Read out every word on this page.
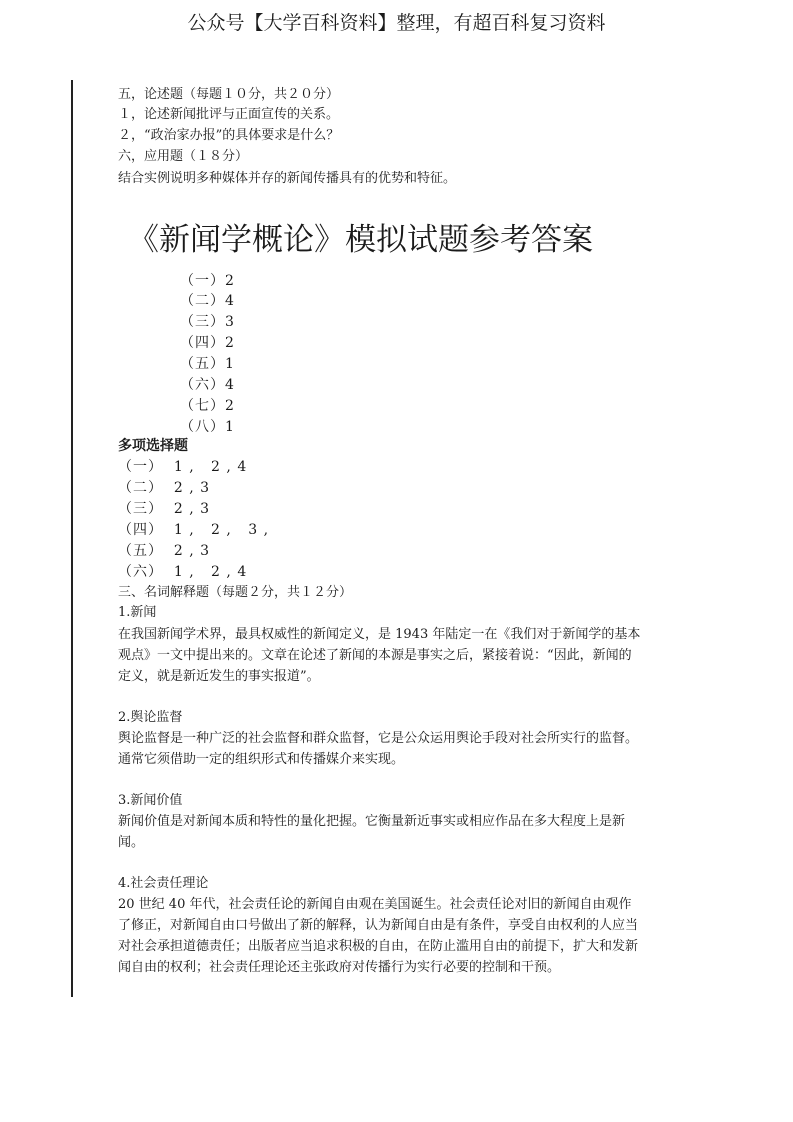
公众号【大学百科资料】整理，有超百科复习资料
五，论述题（每题１０分，共２０分）
１，论述新闻批评与正面宣传的关系。
２，“政治家办报”的具体要求是什么？
六，应用题（１８分）
结合实例说明多种媒体并存的新闻传播具有的优势和特征。
《新闻学概论》模拟试题参考答案
（一）2
（二）4
（三）3
（四）2
（五）1
（六）4
（七）2
（八）1
多项选择题
（一）  1 ,   2 , 4
（二）  2 , 3
（三）  2 , 3
（四）  1 ,   2 ,   3 ,
（五）  2 , 3
（六）  1 ,   2 , 4
三、名词解释题（每题２分，共１２分）
1.新闻
在我国新闻学术界，最具权威性的新闻定义，是 1943 年陆定一在《我们对于新闻学的基本
观点》一文中提出来的。文章在论述了新闻的本源是事实之后，紧接着说：“因此，新闻的
定义，就是新近发生的事实报道”。
2.舆论监督
舆论监督是一种广泛的社会监督和群众监督，它是公众运用舆论手段对社会所实行的监督。
通常它须借助一定的组织形式和传播媒介来实现。
3.新闻价值
新闻价值是对新闻本质和特性的量化把握。它衡量新近事实或相应作品在多大程度上是新
闻。
4.社会责任理论
20 世纪 40 年代，社会责任论的新闻自由观在美国诞生。社会责任论对旧的新闻自由观作
了修正，对新闻自由口号做出了新的解释，认为新闻自由是有条件，享受自由权利的人应当
对社会承担道德责任；出版者应当追求积极的自由，在防止滥用自由的前提下，扩大和发新
闻自由的权利；社会责任理论还主张政府对传播行为实行必要的控制和干预。
